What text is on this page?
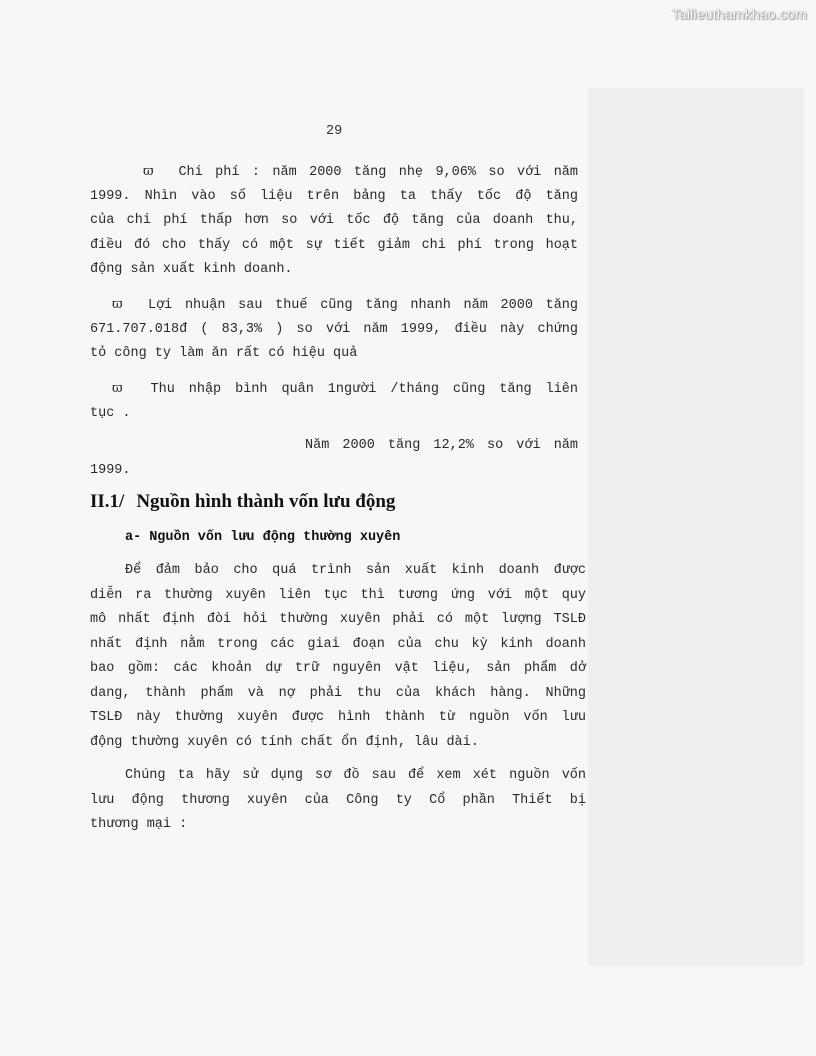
Tailieuthamkhao.com
29
ϖ Chi phí : năm 2000 tăng nhẹ 9,06% so với năm
1999. Nhìn vào số liệu trên bảng ta thấy tốc độ tăng
của chi phí thấp hơn so với tốc độ tăng của doanh thu,
điều đó cho thấy có một sự tiết giảm chi phí trong hoạt
động sản xuất kinh doanh.
ϖ Lợi nhuận sau thuế cũng tăng nhanh năm 2000 tăng
671.707.018đ ( 83,3% ) so với năm 1999, điều này chứng
tỏ công ty làm ăn rất có hiệu quả
ϖ Thu nhập bình quân 1người /tháng cũng tăng liên
tục .
Năm 2000 tăng 12,2% so với năm
1999.
II.1/ Nguồn hình thành vốn lưu động
a- Nguồn vốn lưu động thường xuyên
Để đảm bảo cho quá trình sản xuất kinh doanh được
diễn ra thường xuyên liên tục thì tương ứng với một quy
mô nhất định đòi hỏi thường xuyên phải có một lượng TSLĐ
nhất định nằm trong các giai đoạn của chu kỳ kinh doanh
bao gồm: các khoản dự trữ nguyên vật liệu, sản phẩm dở
dang, thành phẩm và nợ phải thu của khách hàng. Những
TSLĐ này thường xuyên được hình thành từ nguồn vốn lưu
động thường xuyên có tính chất ổn định, lâu dài.
Chúng ta hãy sử dụng sơ đồ sau để xem xét nguồn vốn
lưu động thương xuyên của Công ty Cổ phần Thiết bị
thương mại :
